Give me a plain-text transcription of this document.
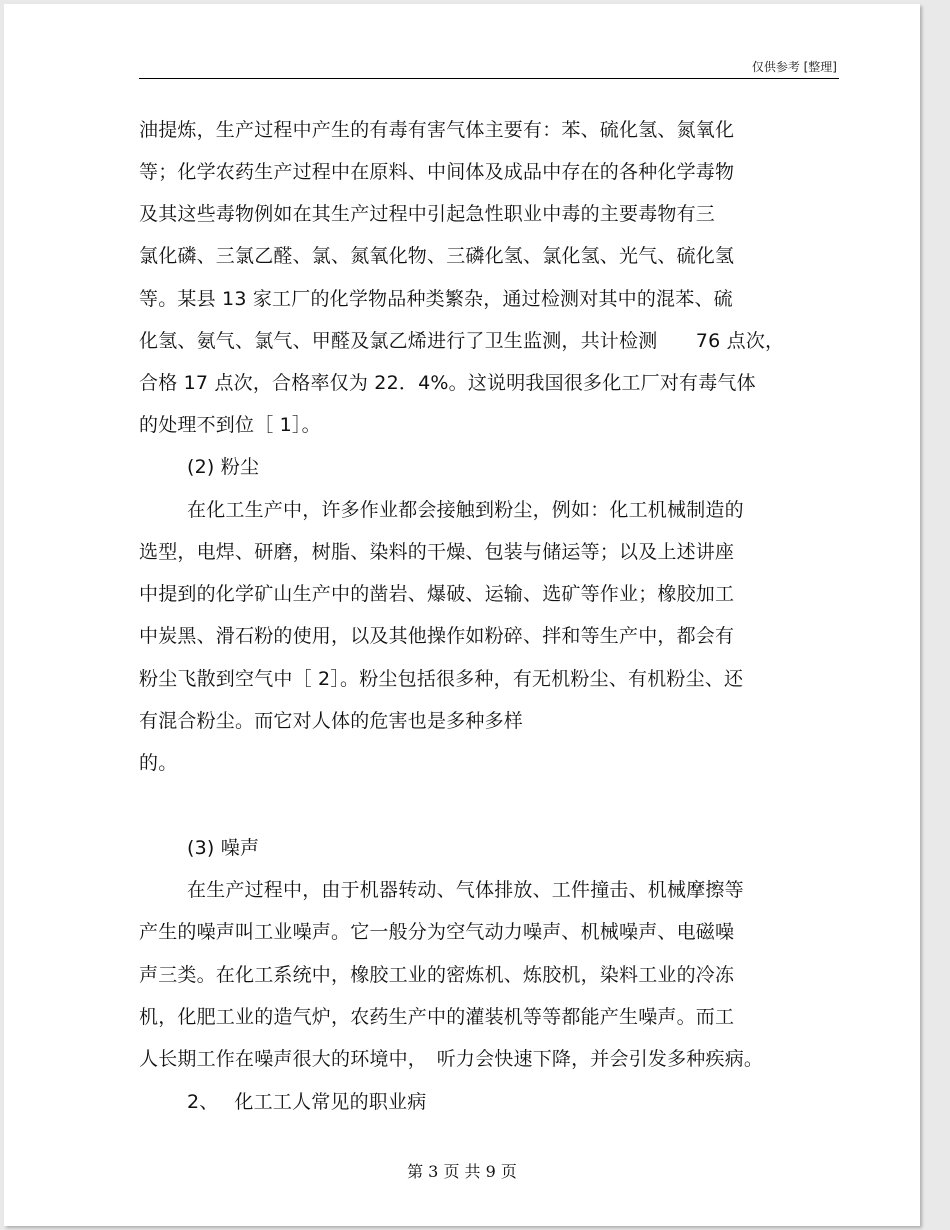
仅供参考 [整理]
油提炼，生产过程中产生的有毒有害气体主要有：苯、硫化氢、氮氧化
等；化学农药生产过程中在原料、中间体及成品中存在的各种化学毒物
及其这些毒物例如在其生产过程中引起急性职业中毒的主要毒物有三
氯化磷、三氯乙醛、氯、氮氧化物、三磷化氢、氯化氢、光气、硫化氢
等。某县 13 家工厂的化学物品种类繁杂，通过检测对其中的混苯、硫
化氢、氨气、氯气、甲醛及氯乙烯进行了卫生监测，共计检测　　76 点次，
合格 17 点次，合格率仅为 22．4%。这说明我国很多化工厂对有毒气体
的处理不到位［ 1］。
(2) 粉尘
在化工生产中，许多作业都会接触到粉尘，例如：化工机械制造的
选型，电焊、研磨，树脂、染料的干燥、包装与储运等；以及上述讲座
中提到的化学矿山生产中的凿岩、爆破、运输、选矿等作业；橡胶加工
中炭黑、滑石粉的使用，以及其他操作如粉碎、拌和等生产中，都会有
粉尘飞散到空气中［ 2］。粉尘包括很多种，有无机粉尘、有机粉尘、还
有混合粉尘。而它对人体的危害也是多种多样
的。
(3) 噪声
在生产过程中，由于机器转动、气体排放、工件撞击、机械摩擦等
产生的噪声叫工业噪声。它一般分为空气动力噪声、机械噪声、电磁噪
声三类。在化工系统中，橡胶工业的密炼机、炼胶机，染料工业的冷冻
机，化肥工业的造气炉，农药生产中的灌装机等等都能产生噪声。而工
人长期工作在噪声很大的环境中，　听力会快速下降，并会引发多种疾病。
2、　 化工工人常见的职业病
第 3 页 共 9 页
